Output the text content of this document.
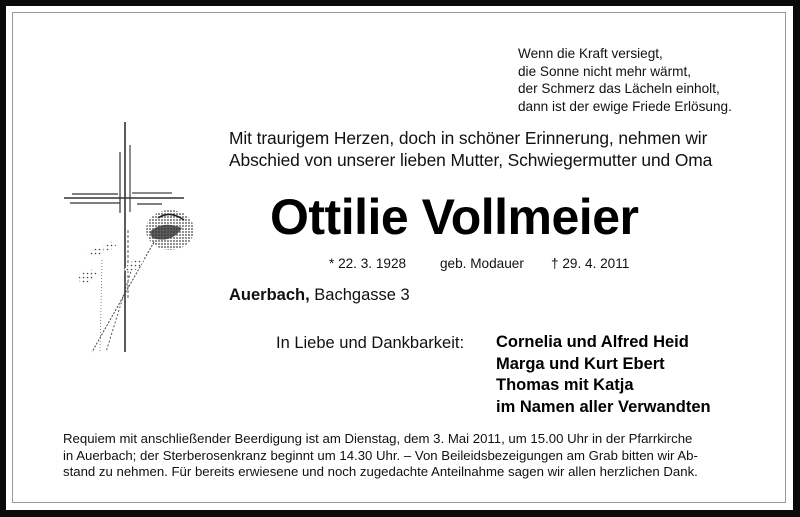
Wenn die Kraft versiegt,
die Sonne nicht mehr wärmt,
der Schmerz das Lächeln einholt,
dann ist der ewige Friede Erlösung.
Mit traurigem Herzen, doch in schöner Erinnerung, nehmen wir
Abschied von unserer lieben Mutter, Schwiegermutter und Oma
Ottilie Vollmeier
* 22. 3. 1928 geb. Modauer † 29. 4. 2011
Auerbach, Bachgasse 3
In Liebe und Dankbarkeit: Cornelia und Alfred Heid
Marga und Kurt Ebert
Thomas mit Katja
im Namen aller Verwandten
Requiem mit anschließender Beerdigung ist am Dienstag, dem 3. Mai 2011, um 15.00 Uhr in der Pfarrkirche
in Auerbach; der Sterberosenkranz beginnt um 14.30 Uhr. – Von Beileidsbezeigungen am Grab bitten wir Ab-
stand zu nehmen. Für bereits erwiesene und noch zugedachte Anteilnahme sagen wir allen herzlichen Dank.
